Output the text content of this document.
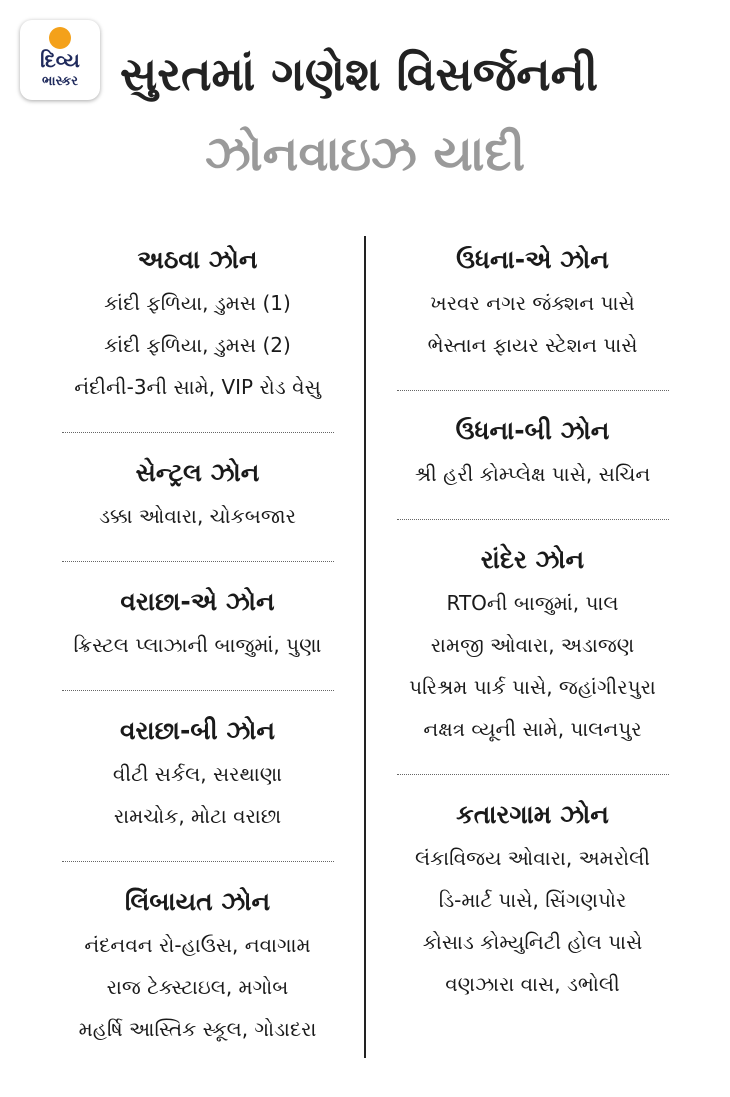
દિવ્ય
ભાસ્કર સુરતમાં ગણેશ વિસર્જનની
ઝોનવાઇઝ યાદી
અઠવા ઝોન
કાંદી ફળિયા, ડુમસ (1)
કાંદી ફળિયા, ડુમસ (2)
નંદીની-3ની સામે, VIP રોડ વેસુ
સેન્ટ્રલ ઝોન
ડક્કા ઓવારા, ચોકબજાર
વરાછા-એ ઝોન
ક્રિસ્ટલ પ્લાઝાની બાજુમાં, પુણા
વરાછા-બી ઝોન
વીટી સર્કલ, સરથાણા
રામચોક, મોટા વરાછા
લિંબાયત ઝોન
નંદનવન રો-હાઉસ, નવાગામ
રાજ ટેક્સ્ટાઇલ, મગોબ
મહર્ષિ આસ્તિક સ્કૂલ, ગોડાદરા
ઉધના-એ ઝોન
ખરવર નગર જંક્શન પાસે
ભેસ્તાન ફાયર સ્ટેશન પાસે
ઉધના-બી ઝોન
શ્રી હરી કોમ્પ્લેક્ષ પાસે, સચિન
રાંદેર ઝોન
RTOની બાજુમાં, પાલ
રામજી ઓવારા, અડાજણ
પરિશ્રમ પાર્ક પાસે, જહાંગીરપુરા
નક્ષત્ર વ્યૂની સામે, પાલનપુર
કતારગામ ઝોન
લંકાવિજય ઓવારા, અમરોલી
ડિ-માર્ટ પાસે, સિંગણપોર
કોસાડ કોમ્યુનિટી હોલ પાસે
વણઝારા વાસ, ડભોલી
